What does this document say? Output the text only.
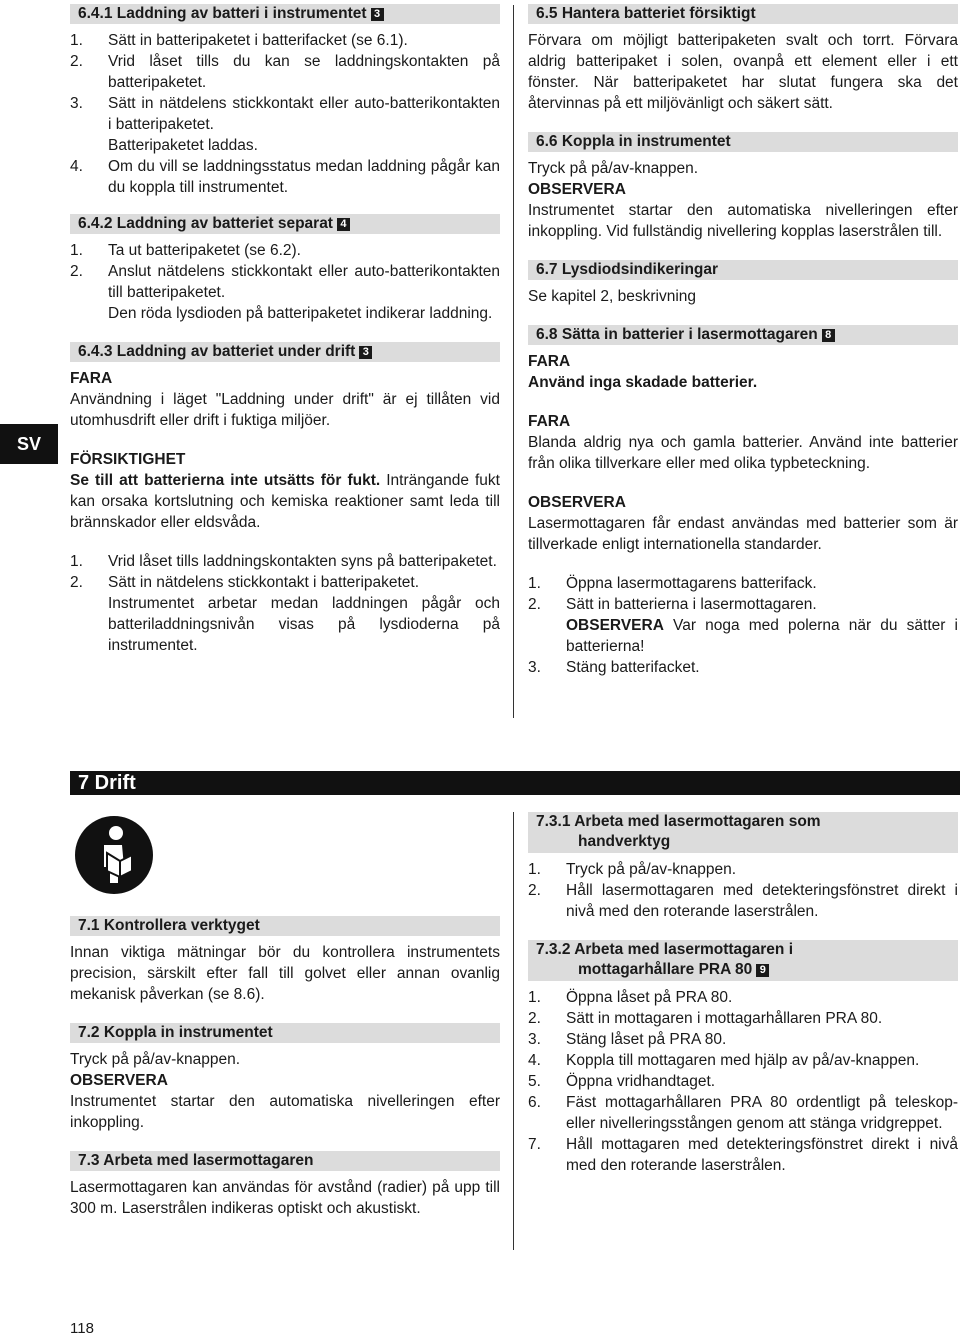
SV
6.4.1 Laddning av batteri i instrumentet 3
1. Sätt in batteripaketet i batterifacket (se 6.1).
2. Vrid låset tills du kan se laddningskontakten på batteripaketet.
3. Sätt in nätdelens stickkontakt eller auto-batterikontakten i batteripaketet.
Batteripaketet laddas.
4. Om du vill se laddningsstatus medan laddning pågår kan du koppla till instrumentet.
6.4.2 Laddning av batteriet separat 4
1. Ta ut batteripaketet (se 6.2).
2. Anslut nätdelens stickkontakt eller auto-batterikontakten till batteripaketet.
Den röda lysdioden på batteripaketet indikerar laddning.
6.4.3 Laddning av batteriet under drift 3

FARA

Användning i läget "Laddning under drift" är ej tillåten vid utomhusdrift eller drift i fuktiga miljöer.

FÖRSIKTIGHET

Se till att batterierna inte utsätts för fukt. Inträngande fukt kan orsaka kortslutning och kemiska reaktioner samt leda till brännskador eller eldsvåda.

1. Vrid låset tills laddningskontakten syns på batteripaketet.
2. Sätt in nätdelens stickkontakt i batteripaketet.
Instrumentet arbetar medan laddningen pågår och batteriladdningsnivån visas på lysdioderna på instrumentet.
6.5 Hantera batteriet försiktigt

Förvara om möjligt batteripaketen svalt och torrt. Förvara aldrig batteripaket i solen, ovanpå ett element eller i ett fönster. När batteripaketet har slutat fungera ska det återvinnas på ett miljövänligt och säkert sätt.

6.6 Koppla in instrumentet

Tryck på på/av-knappen.

OBSERVERA

Instrumentet startar den automatiska nivelleringen efter inkoppling. Vid fullständig nivellering kopplas laserstrålen till.

6.7 Lysdiodsindikeringar

Se kapitel 2, beskrivning

6.8 Sätta in batterier i lasermottagaren 8

FARA

Använd inga skadade batterier.

FARA

Blanda aldrig nya och gamla batterier. Använd inte batterier från olika tillverkare eller med olika typbeteckning.

OBSERVERA

Lasermottagaren får endast användas med batterier som är tillverkade enligt internationella standarder.

1. Öppna lasermottagarens batterifack.
2. Sätt in batterierna i lasermottagaren.
OBSERVERA Var noga med polerna när du sätter i batterierna!
3. Stäng batterifacket.
7 Drift
7.1 Kontrollera verktyget

Innan viktiga mätningar bör du kontrollera instrumentets precision, särskilt efter fall till golvet eller annan ovanlig mekanisk påverkan (se 8.6).

7.2 Koppla in instrumentet

Tryck på på/av-knappen.

OBSERVERA

Instrumentet startar den automatiska nivelleringen efter inkoppling.

7.3 Arbeta med lasermottagaren

Lasermottagaren kan användas för avstånd (radier) på upp till 300 m. Laserstrålen indikeras optiskt och akustiskt.

7.3.1 Arbeta med lasermottagaren som
handverktyg
1. Tryck på på/av-knappen.
2. Håll lasermottagaren med detekteringsfönstret direkt i nivå med den roterande laserstrålen.
7.3.2 Arbeta med lasermottagaren i
mottagarhållare PRA 80 9
1. Öppna låset på PRA 80.
2. Sätt in mottagaren i mottagarhållaren PRA 80.
3. Stäng låset på PRA 80.
4. Koppla till mottagaren med hjälp av på/av-knappen.
5. Öppna vridhandtaget.
6. Fäst mottagarhållaren PRA 80 ordentligt på teleskop- eller nivelleringsstången genom att stänga vridgreppet.
7. Håll mottagaren med detekteringsfönstret direkt i nivå med den roterande laserstrålen.
118
